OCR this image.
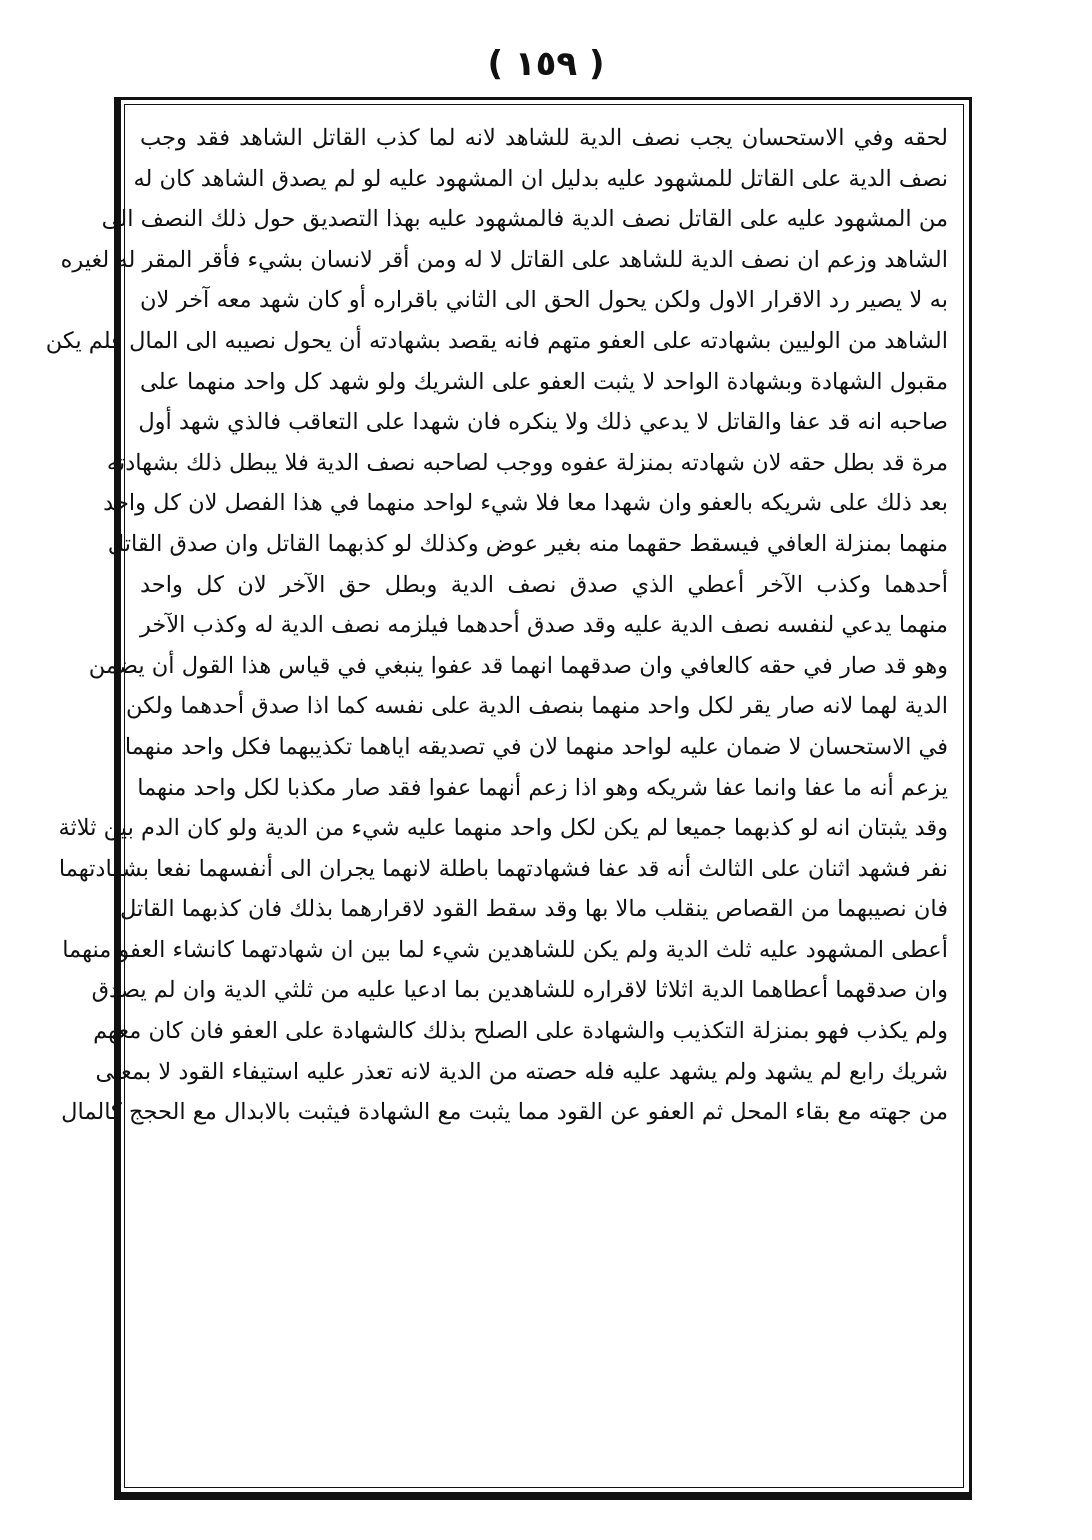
( ١٥٩ )
لحقه وفي الاستحسان يجب نصف الدية للشاهد لانه لما كذب القاتل الشاهد فقد وجب
نصف الدية على القاتل للمشهود عليه بدليل ان المشهود عليه لو لم يصدق الشاهد كان له
من المشهود عليه على القاتل نصف الدية فالمشهود عليه بهذا التصديق حول ذلك النصف الى
الشاهد وزعم ان نصف الدية للشاهد على القاتل لا له ومن أقر لانسان بشيء فأقر المقر له لغيره
به لا يصير رد الاقرار الاول ولكن يحول الحق الى الثاني باقراره أو كان شهد معه آخر لان
الشاهد من الوليين بشهادته على العفو متهم فانه يقصد بشهادته أن يحول نصيبه الى المال فلم يكن
مقبول الشهادة وبشهادة الواحد لا يثبت العفو على الشريك ولو شهد كل واحد منهما على
صاحبه انه قد عفا والقاتل لا يدعي ذلك ولا ينكره فان شهدا على التعاقب فالذي شهد أول
مرة قد بطل حقه لان شهادته بمنزلة عفوه ووجب لصاحبه نصف الدية فلا يبطل ذلك بشهادته
بعد ذلك على شريكه بالعفو وان شهدا معا فلا شيء لواحد منهما في هذا الفصل لان كل واحد
منهما بمنزلة العافي فيسقط حقهما منه بغير عوض وكذلك لو كذبهما القاتل وان صدق القاتل
أحدهما وكذب الآخر أعطي الذي صدق نصف الدية وبطل حق الآخر لان كل واحد
منهما يدعي لنفسه نصف الدية عليه وقد صدق أحدهما فيلزمه نصف الدية له وكذب الآخر
وهو قد صار في حقه كالعافي وان صدقهما انهما قد عفوا ينبغي في قياس هذا القول أن يضمن
الدية لهما لانه صار يقر لكل واحد منهما بنصف الدية على نفسه كما اذا صدق أحدهما ولكن
في الاستحسان لا ضمان عليه لواحد منهما لان في تصديقه اياهما تكذيبهما فكل واحد منهما
يزعم أنه ما عفا وانما عفا شريكه وهو اذا زعم أنهما عفوا فقد صار مكذبا لكل واحد منهما
وقد يثبتان انه لو كذبهما جميعا لم يكن لكل واحد منهما عليه شيء من الدية ولو كان الدم بين ثلاثة
نفر فشهد اثنان على الثالث أنه قد عفا فشهادتهما باطلة لانهما يجران الى أنفسهما نفعا بشهادتهما
فان نصيبهما من القصاص ينقلب مالا بها وقد سقط القود لاقرارهما بذلك فان كذبهما القاتل
أعطى المشهود عليه ثلث الدية ولم يكن للشاهدين شيء لما بين ان شهادتهما كانشاء العفو منهما
وان صدقهما أعطاهما الدية اثلاثا لاقراره للشاهدين بما ادعيا عليه من ثلثي الدية وان لم يصدق
ولم يكذب فهو بمنزلة التكذيب والشهادة على الصلح بذلك كالشهادة على العفو فان كان معهم
شريك رابع لم يشهد ولم يشهد عليه فله حصته من الدية لانه تعذر عليه استيفاء القود لا بمعنى
من جهته مع بقاء المحل ثم العفو عن القود مما يثبت مع الشهادة فيثبت بالابدال مع الحجج كالمال
